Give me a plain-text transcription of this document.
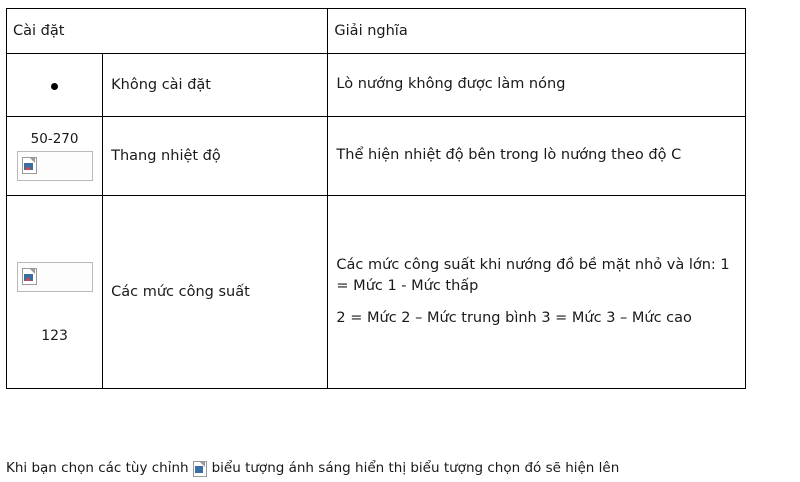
Cài đặt		Giải nghĩa

	Không cài đặt	Lò nướng không được làm nóng

50-270	Thang nhiệt độ	Thể hiện nhiệt độ bên trong lò nướng theo độ C

123	Các mức công suất	Các mức công suất khi nướng đồ bề mặt nhỏ và lớn: 1 = Mức 1 - Mức thấp

2 = Mức 2 – Mức trung bình 3 = Mức 3 – Mức cao

Khi bạn chọn các tùy chỉnh biểu tượng ánh sáng hiển thị biểu tượng chọn đó sẽ hiện lên
